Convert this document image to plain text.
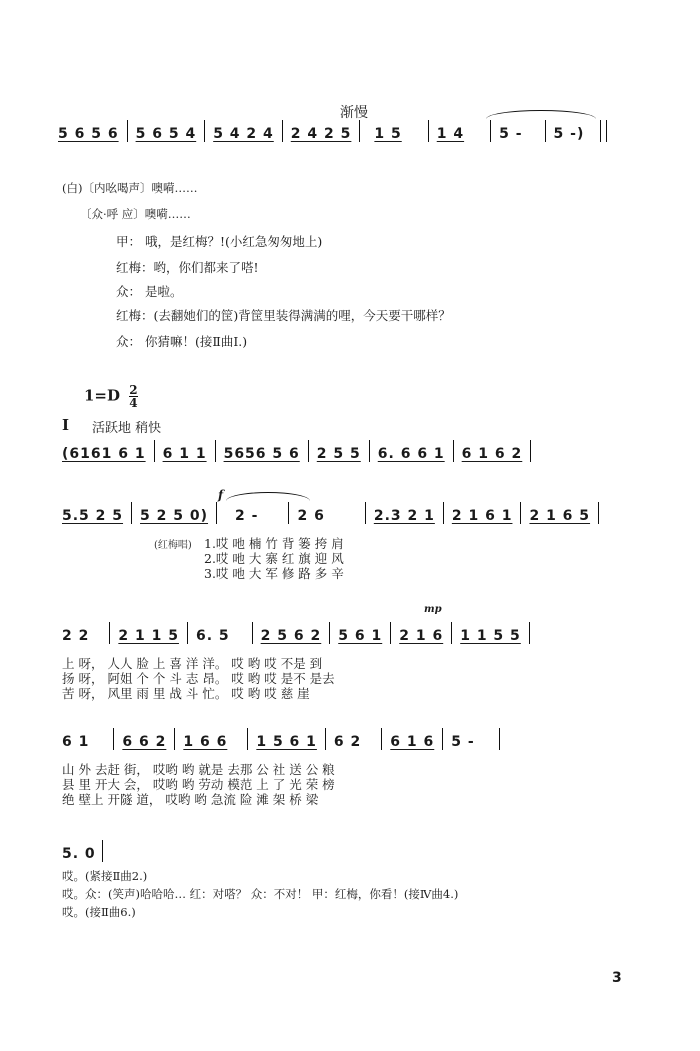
渐慢
5 6 5 6 5 6 5 4 5 4 2 4 2 4 2 5 1 5	1 4	5 - 5 -)
(白)〔内吆喝声〕噢嗬……
〔众·呼 应〕噢嗬……
甲： 哦，是红梅？!(小红急匆匆地上)
红梅：哟，你们都来了嗒!
众： 是啦。
红梅：(去翻她们的筐)背筐里装得满满的哩，今天要干哪样？
众： 你猜嘛！(接Ⅱ曲Ⅰ.)
$1=D \frac{2}{4}$
Ⅰ 活跃地 稍快
(6161 6 1 6 1 1 5656 5 6 2 5 5 6. 6 6 1 6 1 6 2
f
5.5 2 5 5 2 5 0) 2 -	2 6	2.3 2 1 2 1 6 1 2 1 6 5
(红梅唱) 1.哎 吔 楠 竹 背 篓 挎 肩
2.哎 吔 大 寨 红 旗 迎 风
3.哎 吔 大 军 修 路 多 辛
mp
2 2 2 1 1 5 6. 5 2 5 6 2 5 6 1 2 1 6 1 1 5 5
上 呀， 人人 脸 上 喜 洋 洋。 哎 哟 哎 不是 到
扬 呀， 阿姐 个 个 斗 志 昂。 哎 哟 哎 是不 是去
苦 呀， 风里 雨 里 战 斗 忙。 哎 哟 哎 慈 崖
6 1 6 6 2 1 6 6 1 5 6 1 6 2 6 1 6 5 -
山 外 去赶 街， 哎哟 哟 就是 去那 公 社 送 公 粮
县 里 开大 会， 哎哟 哟 劳动 模范 上 了 光 荣 榜
绝 壁上 开隧 道， 哎哟 哟 急流 险 滩 架 桥 梁
5. 0
哎。(紧接Ⅱ曲2.)
哎。众：(笑声)哈哈哈… 红：对嗒？ 众：不对！ 甲：红梅，你看！(接Ⅳ曲4.)
哎。(接Ⅱ曲6.)
3
